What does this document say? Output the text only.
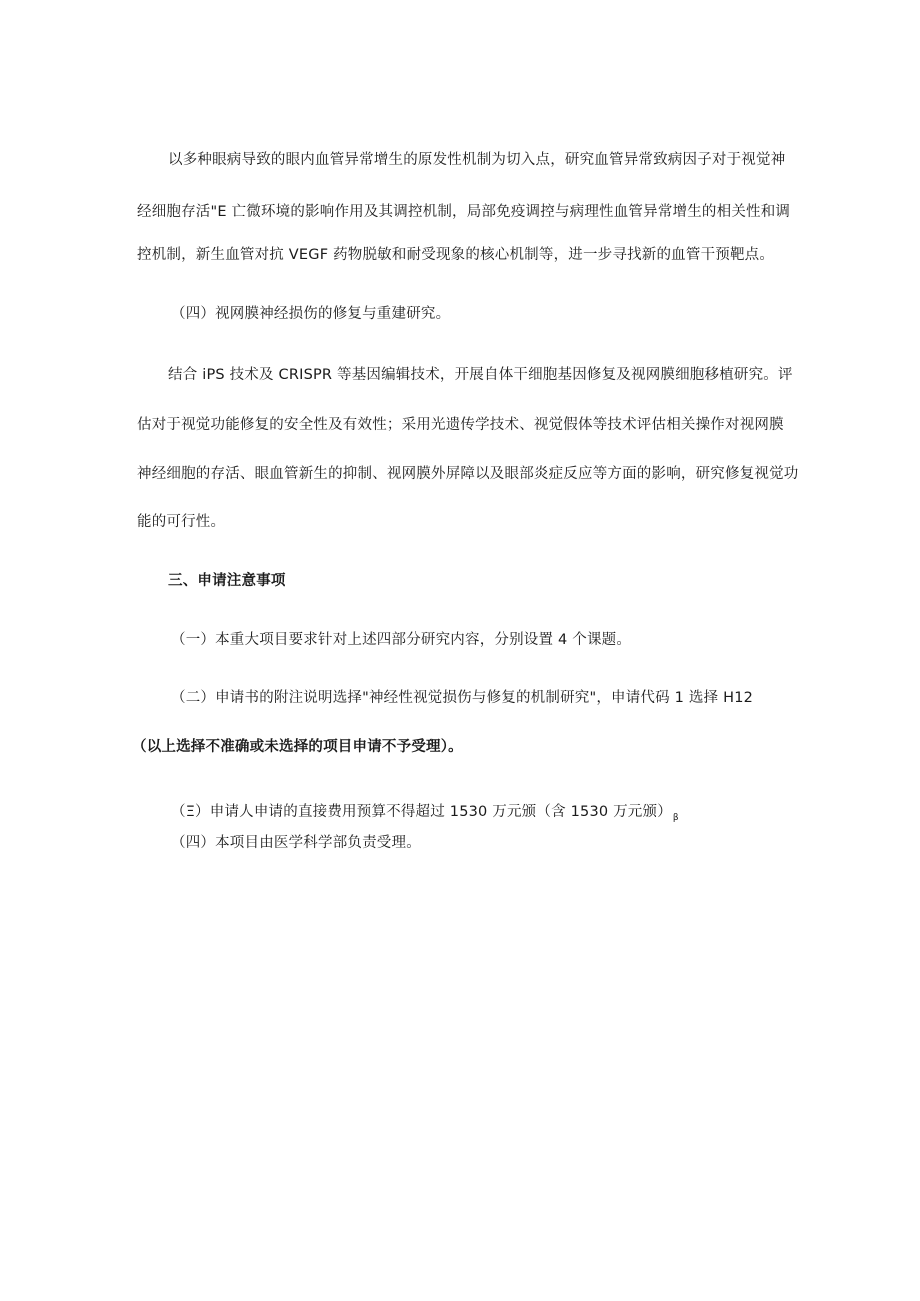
以多种眼病导致的眼内血管异常增生的原发性机制为切入点，研究血管异常致病因子对于视觉神
经细胞存活"E 亡微环境的影响作用及其调控机制，局部免疫调控与病理性血管异常增生的相关性和调
控机制，新生血管对抗 VEGF 药物脱敏和耐受现象的核心机制等，进一步寻找新的血管干预靶点。
（四）视网膜神经损伤的修复与重建研究。
结合 iPS 技术及 CRISPR 等基因编辑技术，开展自体干细胞基因修复及视网膜细胞移植研究。评
估对于视觉功能修复的安全性及有效性；采用光遗传学技术、视觉假体等技术评估相关操作对视网膜
神经细胞的存活、眼血管新生的抑制、视网膜外屏障以及眼部炎症反应等方面的影响，研究修复视觉功
能的可行性。
三、申请注意事项
（一）本重大项目要求针对上述四部分研究内容，分别设置 4 个课题。
（二）申请书的附注说明选择"神经性视觉损伤与修复的机制研究"，申请代码 1 选择 H12
（以上选择不准确或未选择的项目申请不予受理）。
（Ξ）申请人申请的直接费用预算不得超过 1530 万元颁（含 1530 万元颁）$_\beta$
（四）本项目由医学科学部负责受理。
